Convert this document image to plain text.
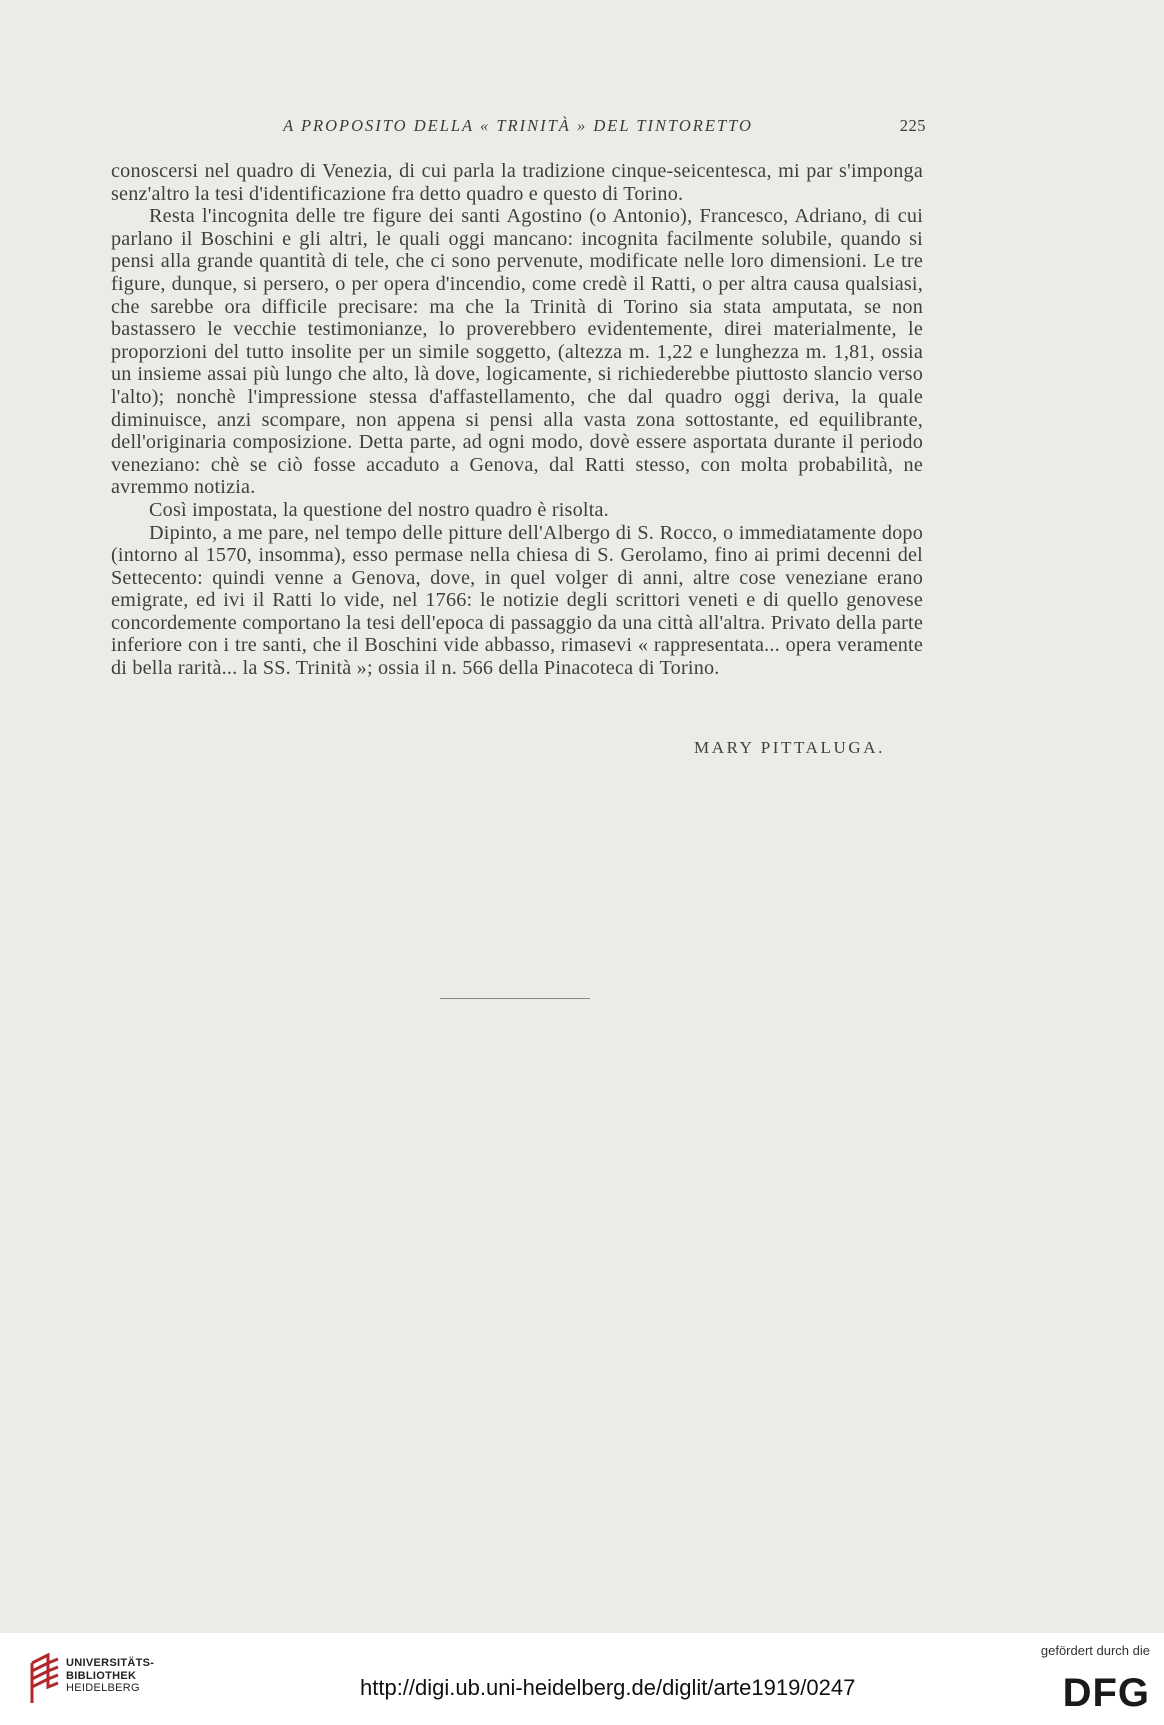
A PROPOSITO DELLA « TRINITÀ » DEL TINTORETTO	225

conoscersi nel quadro di Venezia, di cui parla la tradizione cinque-seicentesca, mi par s'imponga senz'altro la tesi d'identificazione fra detto quadro e questo di Torino.

Resta l'incognita delle tre figure dei santi Agostino (o Antonio), Francesco, Adriano, di cui parlano il Boschini e gli altri, le quali oggi mancano: incognita facilmente solubile, quando si pensi alla grande quantità di tele, che ci sono pervenute, modificate nelle loro dimensioni. Le tre figure, dunque, si persero, o per opera d'incendio, come credè il Ratti, o per altra causa qualsiasi, che sarebbe ora difficile precisare: ma che la Trinità di Torino sia stata amputata, se non bastassero le vecchie testimonianze, lo proverebbero evidentemente, direi materialmente, le proporzioni del tutto insolite per un simile soggetto, (altezza m. 1,22 e lunghezza m. 1,81, ossia un insieme assai più lungo che alto, là dove, logicamente, si richiederebbe piuttosto slancio verso l'alto); nonchè l'impressione stessa d'affastellamento, che dal quadro oggi deriva, la quale diminuisce, anzi scompare, non appena si pensi alla vasta zona sottostante, ed equilibrante, dell'originaria composizione. Detta parte, ad ogni modo, dovè essere asportata durante il periodo veneziano: chè se ciò fosse accaduto a Genova, dal Ratti stesso, con molta probabilità, ne avremmo notizia.

Così impostata, la questione del nostro quadro è risolta.

Dipinto, a me pare, nel tempo delle pitture dell'Albergo di S. Rocco, o immediatamente dopo (intorno al 1570, insomma), esso permase nella chiesa di S. Gerolamo, fino ai primi decenni del Settecento: quindi venne a Genova, dove, in quel volger di anni, altre cose veneziane erano emigrate, ed ivi il Ratti lo vide, nel 1766: le notizie degli scrittori veneti e di quello genovese concordemente comportano la tesi dell'epoca di passaggio da una città all'altra. Privato della parte inferiore con i tre santi, che il Boschini vide abbasso, rimasevi « rappresentata... opera veramente di bella rarità... la SS. Trinità »; ossia il n. 566 della Pinacoteca di Torino.

MARY PITTALUGA.
UNIVERSITÄTS-
BIBLIOTHEK
HEIDELBERG	http://digi.ub.uni-heidelberg.de/diglit/arte1919/0247
gefördert durch die
DFG
